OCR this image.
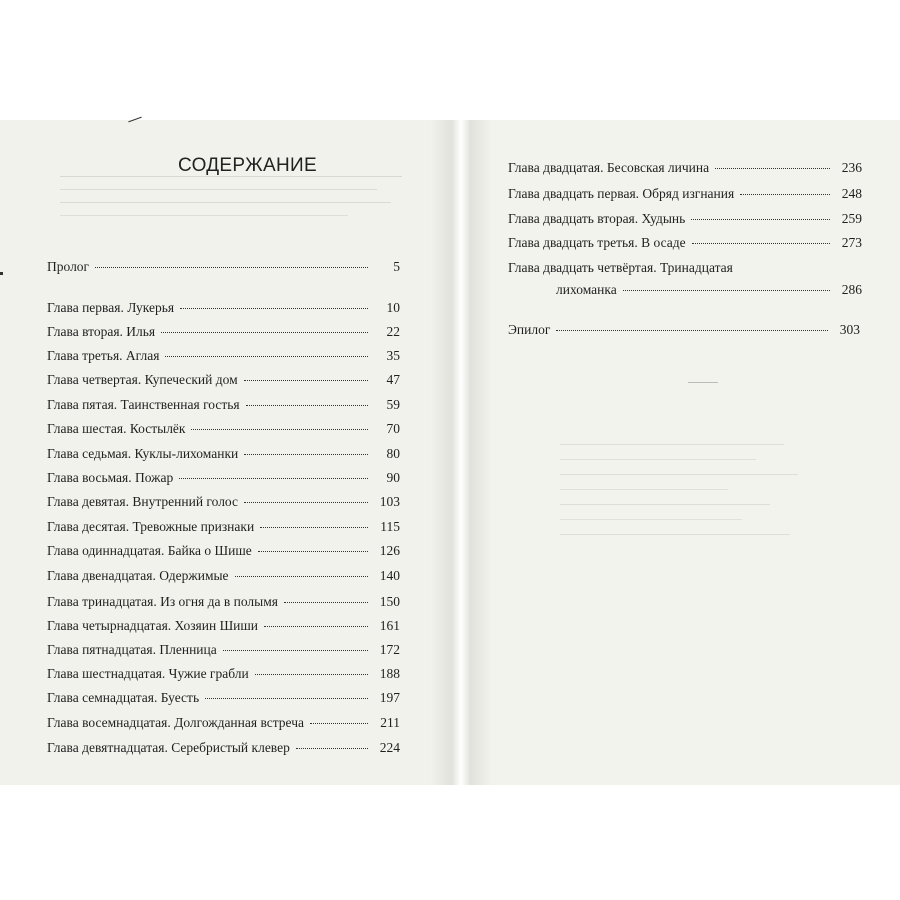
СОДЕРЖАНИЕ
Пролог	5
Глава первая. Лукерья	10
Глава вторая. Илья	22
Глава третья. Аглая	35
Глава четвертая. Купеческий дом	47
Глава пятая. Таинственная гостья	59
Глава шестая. Костылёк	70
Глава седьмая. Куклы-лихоманки	80
Глава восьмая. Пожар	90
Глава девятая. Внутренний голос	103
Глава десятая. Тревожные признаки	115
Глава одиннадцатая. Байка о Шише	126
Глава двенадцатая. Одержимые	140
Глава тринадцатая. Из огня да в полымя	150
Глава четырнадцатая. Хозяин Шиши	161
Глава пятнадцатая. Пленница	172
Глава шестнадцатая. Чужие грабли	188
Глава семнадцатая. Буесть	197
Глава восемнадцатая. Долгожданная встреча	211
Глава девятнадцатая. Серебристый клевер	224
Глава двадцатая. Бесовская личина	236
Глава двадцать первая. Обряд изгнания	248
Глава двадцать вторая. Худынь	259
Глава двадцать третья. В осаде	273
Глава двадцать четвёртая. Тринадцатая
лихоманка	286
Эпилог	303
